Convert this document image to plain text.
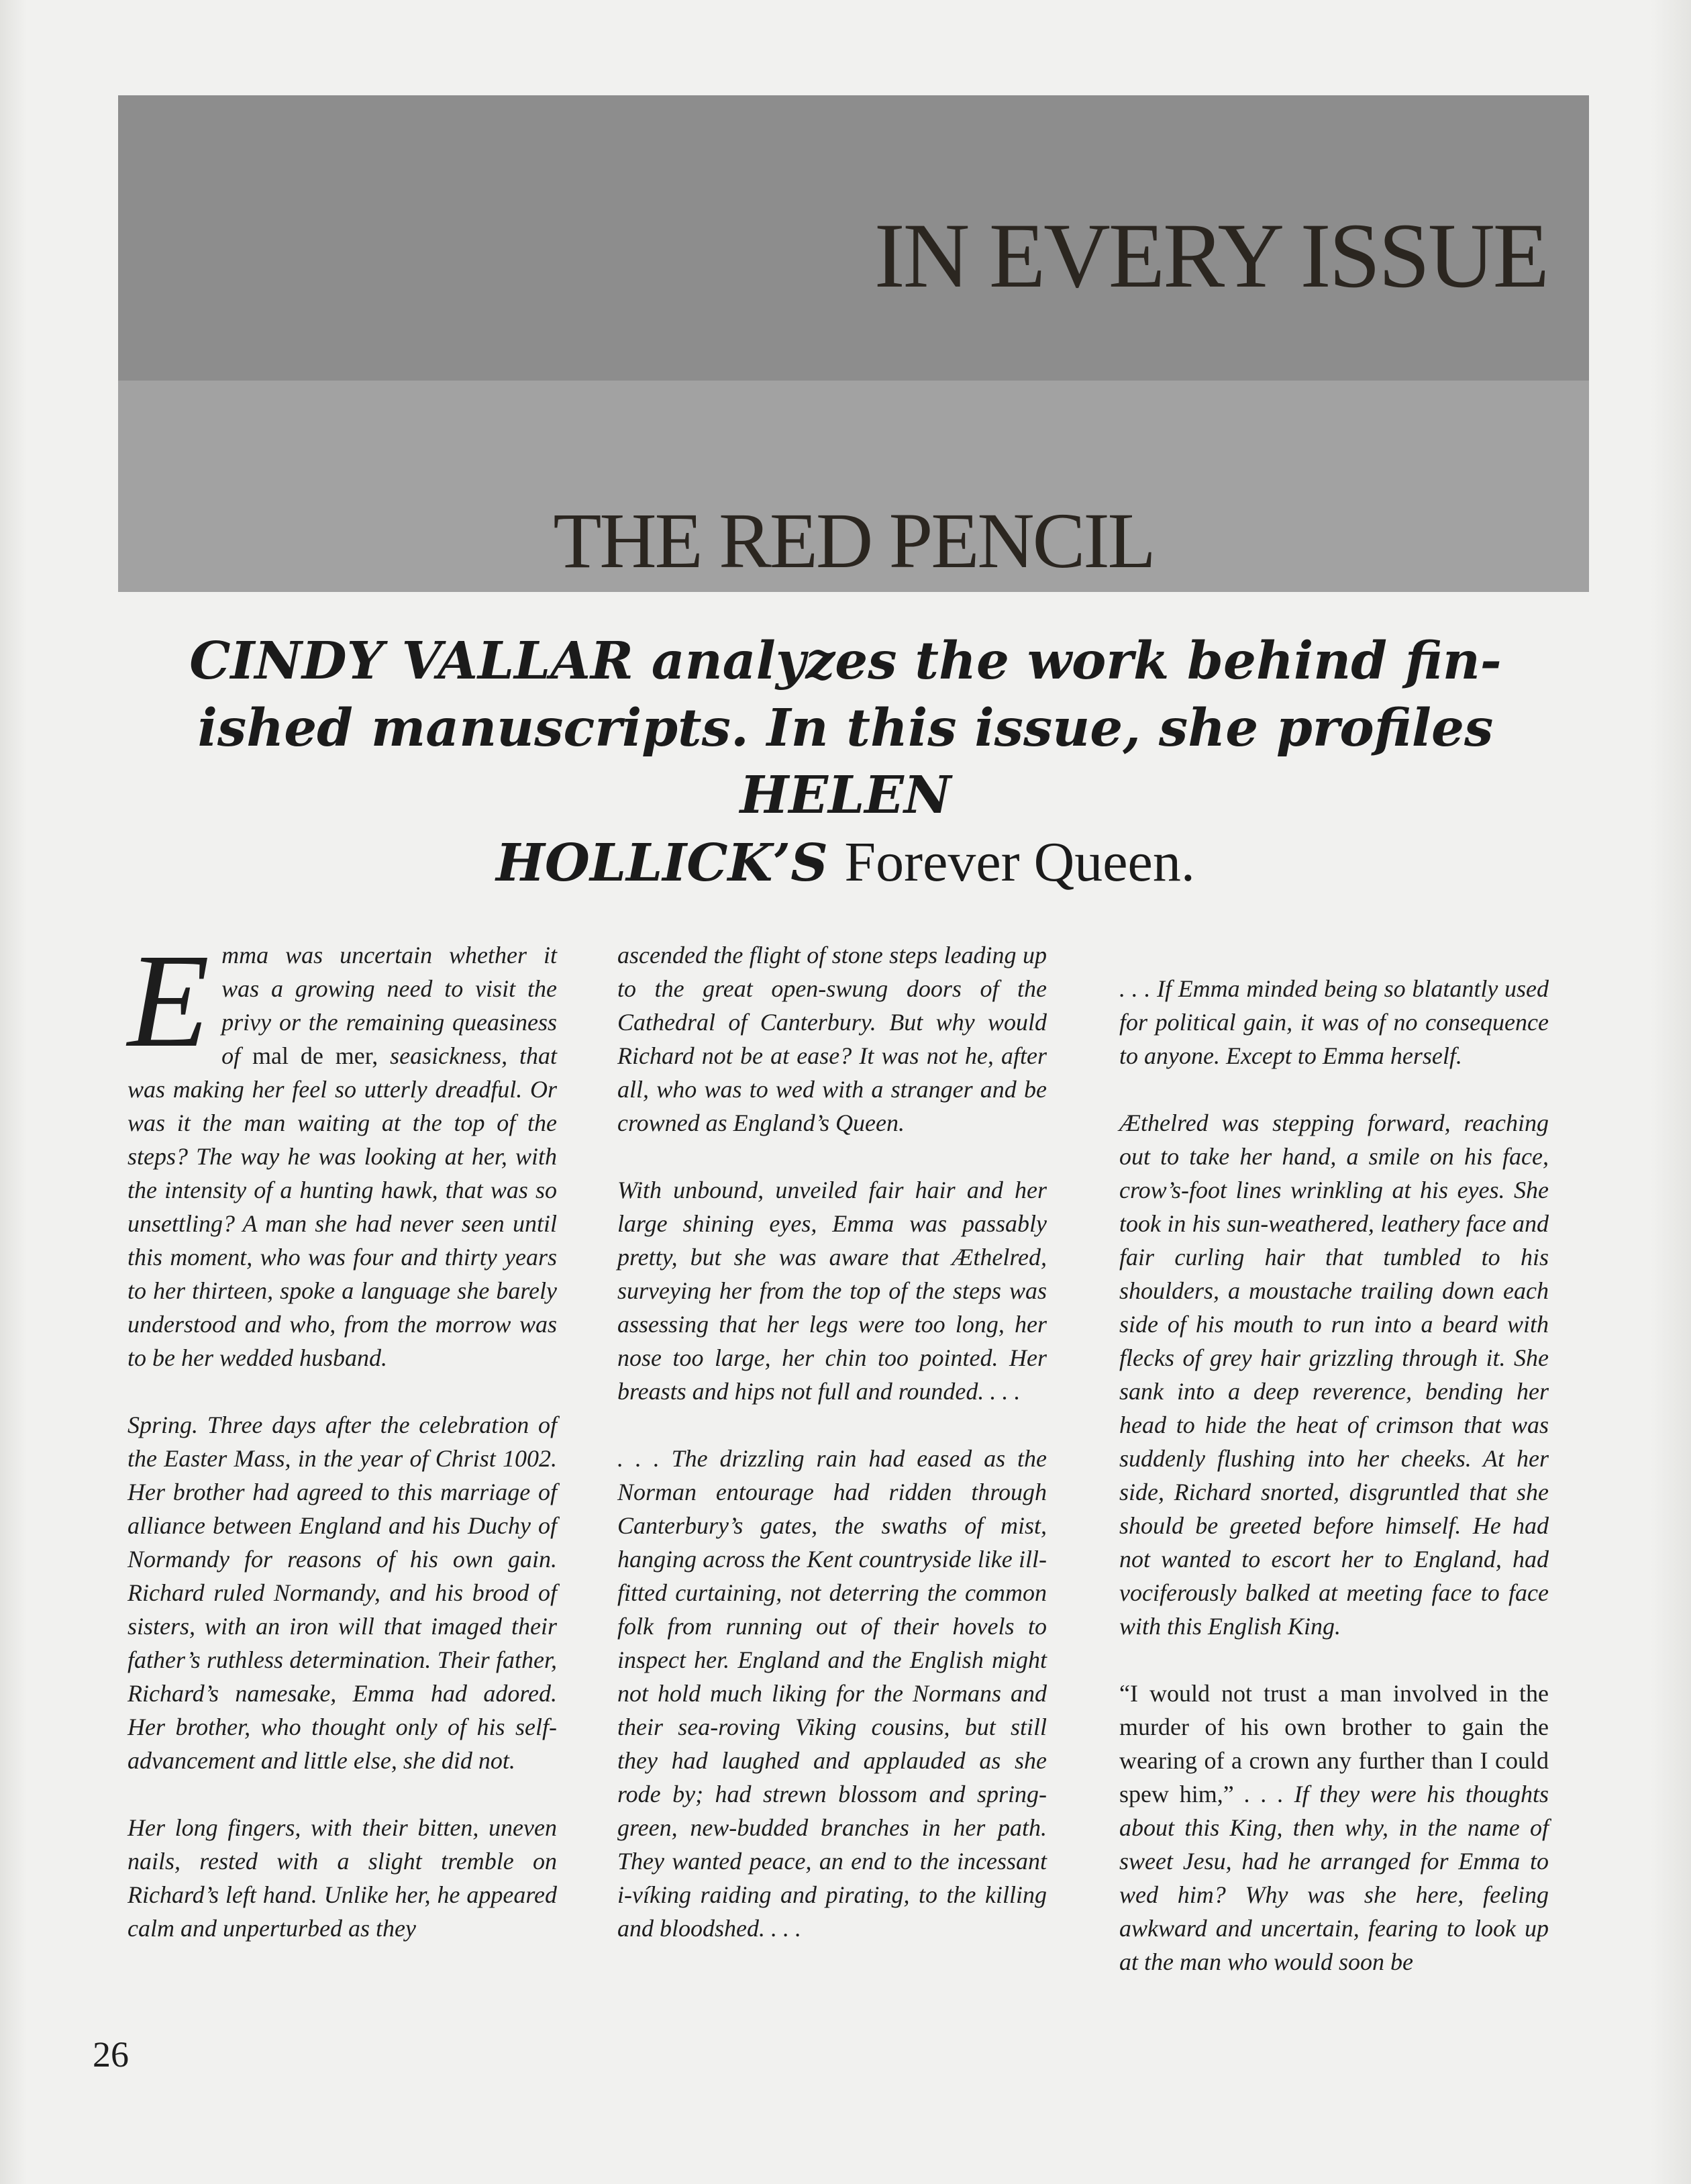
IN EVERY ISSUE
THE RED PENCIL
CINDY VALLAR analyzes the work behind fin-
ished manuscripts. In this issue, she profiles HELEN
HOLLICK’S Forever Queen.

Emma was uncertain whether it was a growing need to visit the privy or the remaining queasiness of mal de mer, seasickness, that was making her feel so utterly dreadful. Or was it the man waiting at the top of the steps? The way he was looking at her, with the intensity of a hunting hawk, that was so unsettling? A man she had never seen until this moment, who was four and thirty years to her thirteen, spoke a language she barely understood and who, from the morrow was to be her wedded husband.

Spring. Three days after the celebration of the Easter Mass, in the year of Christ 1002. Her brother had agreed to this marriage of alliance between England and his Duchy of Normandy for reasons of his own gain. Richard ruled Normandy, and his brood of sisters, with an iron will that imaged their father’s ruthless determination. Their father, Richard’s namesake, Emma had adored. Her brother, who thought only of his self-advancement and little else, she did not.

Her long fingers, with their bitten, uneven nails, rested with a slight tremble on Richard’s left hand. Unlike her, he appeared calm and unperturbed as they

ascended the flight of stone steps leading up to the great open-swung doors of the Cathedral of Canterbury. But why would Richard not be at ease? It was not he, after all, who was to wed with a stranger and be crowned as England’s Queen.

With unbound, unveiled fair hair and her large shining eyes, Emma was passably pretty, but she was aware that Æthelred, surveying her from the top of the steps was assessing that her legs were too long, her nose too large, her chin too pointed. Her breasts and hips not full and rounded. . . .

. . . The drizzling rain had eased as the Norman entourage had ridden through Canterbury’s gates, the swaths of mist, hanging across the Kent countryside like ill-fitted curtaining, not deterring the common folk from running out of their hovels to inspect her. England and the English might not hold much liking for the Normans and their sea-roving Viking cousins, but still they had laughed and applauded as she rode by; had strewn blossom and spring-green, new-budded branches in her path. They wanted peace, an end to the incessant i-víking raiding and pirating, to the killing and bloodshed. . . .

. . . If Emma minded being so blatantly used for political gain, it was of no consequence to anyone. Except to Emma herself.

Æthelred was stepping forward, reaching out to take her hand, a smile on his face, crow’s-foot lines wrinkling at his eyes. She took in his sun-weathered, leathery face and fair curling hair that tumbled to his shoulders, a moustache trailing down each side of his mouth to run into a beard with flecks of grey hair grizzling through it. She sank into a deep reverence, bending her head to hide the heat of crimson that was suddenly flushing into her cheeks. At her side, Richard snorted, disgruntled that she should be greeted before himself. He had not wanted to escort her to England, had vociferously balked at meeting face to face with this English King.

“I would not trust a man involved in the murder of his own brother to gain the wearing of a crown any further than I could spew him,” . . . If they were his thoughts about this King, then why, in the name of sweet Jesu, had he arranged for Emma to wed him? Why was she here, feeling awkward and uncertain, fearing to look up at the man who would soon be

26
